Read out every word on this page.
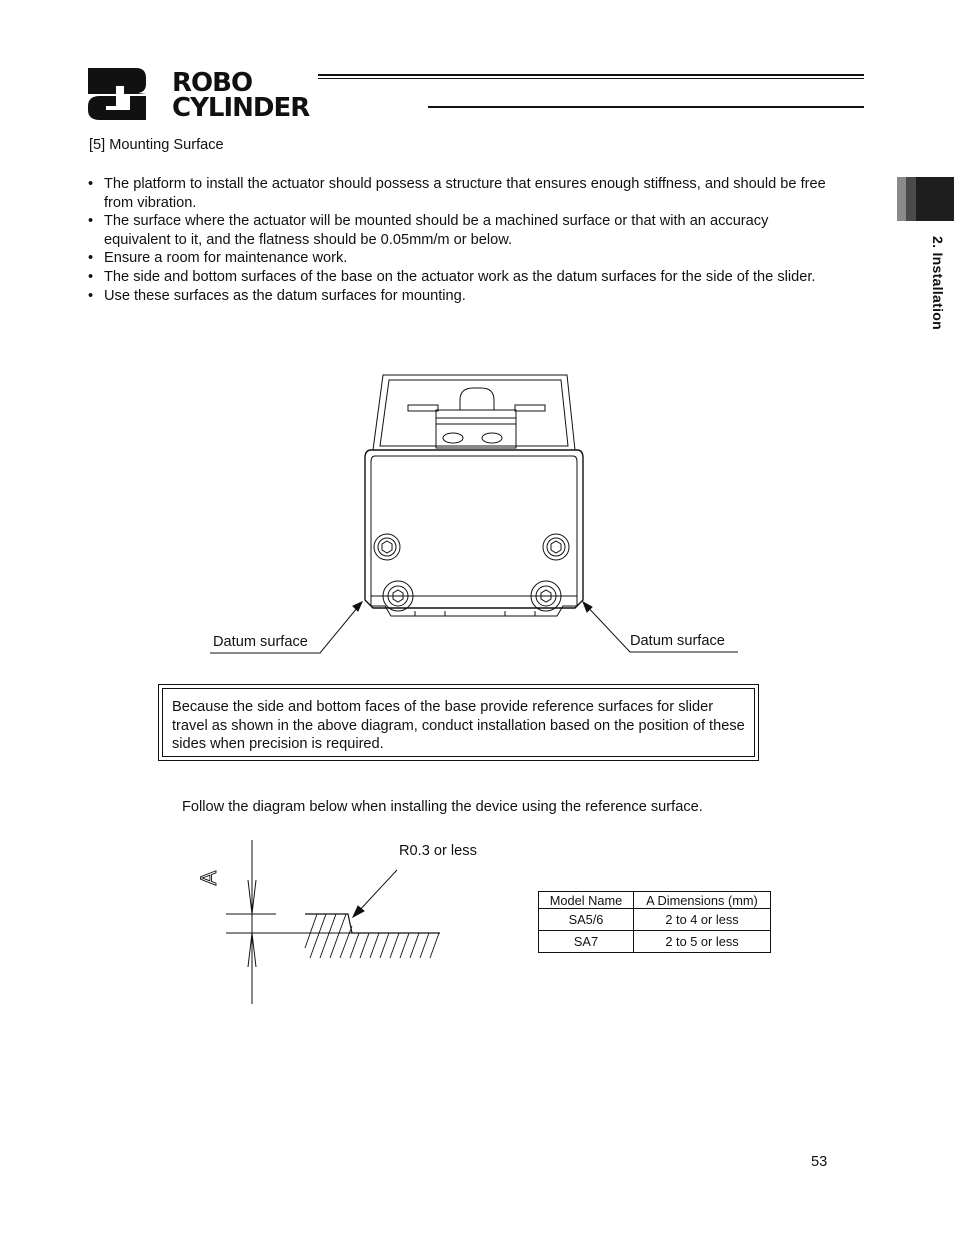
ROBO
CYLINDER
2. Installation
[5] Mounting Surface
• The platform to install the actuator should possess a structure that ensures enough stiffness, and should be free from vibration.
• The surface where the actuator will be mounted should be a machined surface or that with an accuracy equivalent to it, and the flatness should be 0.05mm/m or below.
• Ensure a room for maintenance work.
• The side and bottom surfaces of the base on the actuator work as the datum surfaces for the side of the slider.
• Use these surfaces as the datum surfaces for mounting.
Datum surface	Datum surface
Because the side and bottom faces of the base provide reference surfaces for slider travel as shown in the above diagram, conduct installation based on the position of these sides when precision is required.
Follow the diagram below when installing the device using the reference surface.
A
R0.3 or less
Model Name	A Dimensions (mm)
SA5/6	2 to 4 or less
SA7	2 to 5 or less
53
